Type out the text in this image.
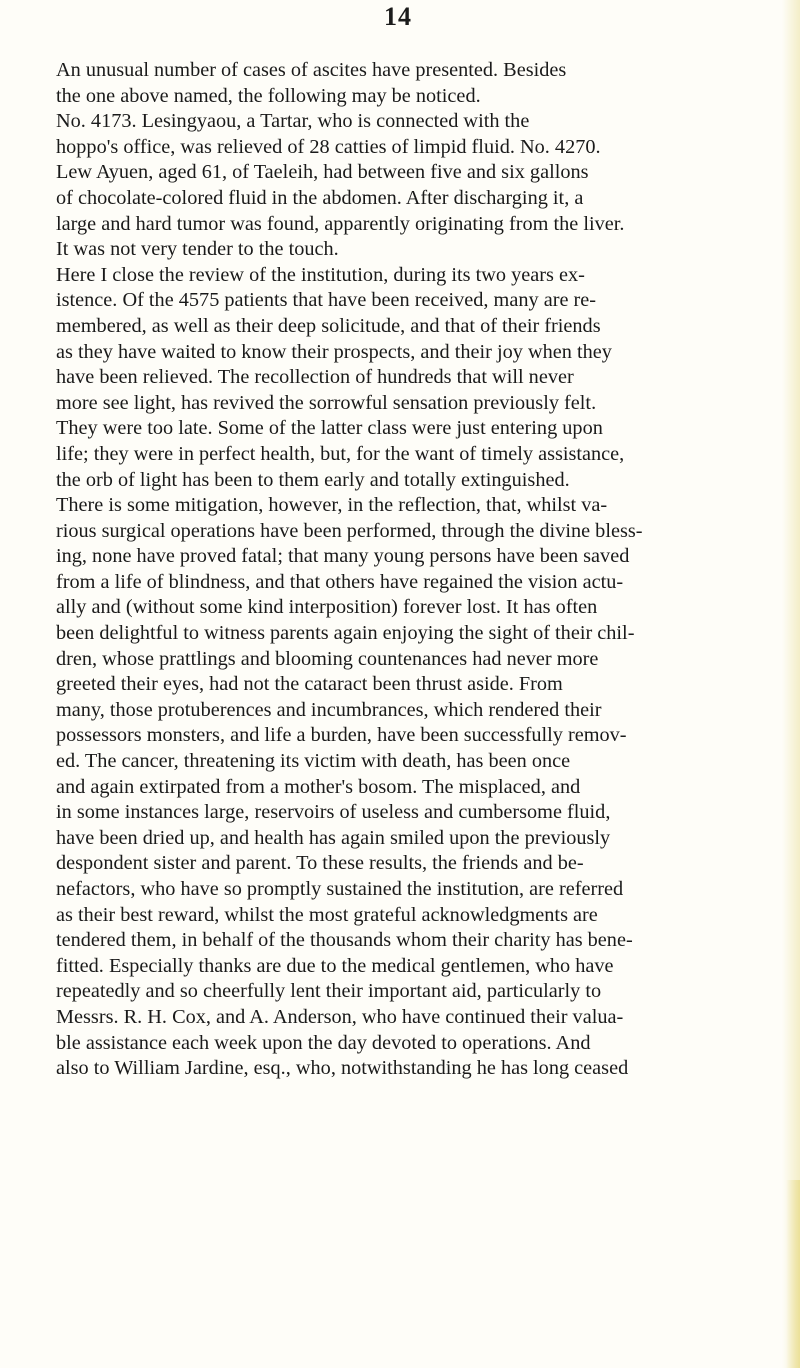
14
An unusual number of cases of ascites have presented. Besides
the one above named, the following may be noticed.
No. 4173. Lesingyaou, a Tartar, who is connected with the
hoppo's office, was relieved of 28 catties of limpid fluid. No. 4270.
Lew Ayuen, aged 61, of Taeleih, had between five and six gallons
of chocolate-colored fluid in the abdomen. After discharging it, a
large and hard tumor was found, apparently originating from the liver.
It was not very tender to the touch.
Here I close the review of the institution, during its two years ex-
istence. Of the 4575 patients that have been received, many are re-
membered, as well as their deep solicitude, and that of their friends
as they have waited to know their prospects, and their joy when they
have been relieved. The recollection of hundreds that will never
more see light, has revived the sorrowful sensation previously felt.
They were too late. Some of the latter class were just entering upon
life; they were in perfect health, but, for the want of timely assistance,
the orb of light has been to them early and totally extinguished.
There is some mitigation, however, in the reflection, that, whilst va-
rious surgical operations have been performed, through the divine bless-
ing, none have proved fatal; that many young persons have been saved
from a life of blindness, and that others have regained the vision actu-
ally and (without some kind interposition) forever lost. It has often
been delightful to witness parents again enjoying the sight of their chil-
dren, whose prattlings and blooming countenances had never more
greeted their eyes, had not the cataract been thrust aside. From
many, those protuberences and incumbrances, which rendered their
possessors monsters, and life a burden, have been successfully remov-
ed. The cancer, threatening its victim with death, has been once
and again extirpated from a mother's bosom. The misplaced, and
in some instances large, reservoirs of useless and cumbersome fluid,
have been dried up, and health has again smiled upon the previously
despondent sister and parent. To these results, the friends and be-
nefactors, who have so promptly sustained the institution, are referred
as their best reward, whilst the most grateful acknowledgments are
tendered them, in behalf of the thousands whom their charity has bene-
fitted. Especially thanks are due to the medical gentlemen, who have
repeatedly and so cheerfully lent their important aid, particularly to
Messrs. R. H. Cox, and A. Anderson, who have continued their valua-
ble assistance each week upon the day devoted to operations. And
also to William Jardine, esq., who, notwithstanding he has long ceased
